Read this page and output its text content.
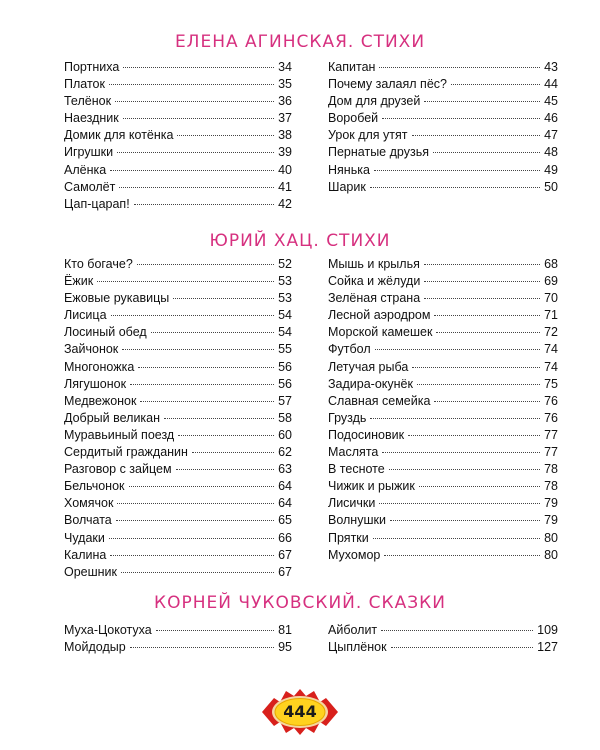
ЕЛЕНА АГИНСКАЯ. СТИХИ
Портниха	34
Платок	35
Телёнок	36
Наездник	37
Домик для котёнка	38
Игрушки	39
Алёнка	40
Самолёт	41
Цап-царап!	42
Капитан	43
Почему залаял пёс?	44
Дом для друзей	45
Воробей	46
Урок для утят	47
Пернатые друзья	48
Нянька	49
Шарик	50
ЮРИЙ ХАЦ. СТИХИ
Кто богаче?	52
Ёжик	53
Ежовые рукавицы	53
Лисица	54
Лосиный обед	54
Зайчонок	55
Многоножка	56
Лягушонок	56
Медвежонок	57
Добрый великан	58
Муравьиный поезд	60
Сердитый гражданин	62
Разговор с зайцем	63
Бельчонок	64
Хомячок	64
Волчата	65
Чудаки	66
Калина	67
Орешник	67
Мышь и крылья	68
Сойка и жёлуди	69
Зелёная страна	70
Лесной аэродром	71
Морской камешек	72
Футбол	74
Летучая рыба	74
Задира-окунёк	75
Славная семейка	76
Груздь	76
Подосиновик	77
Маслята	77
В тесноте	78
Чижик и рыжик	78
Лисички	79
Волнушки	79
Прятки	80
Мухомор	80
КОРНЕЙ ЧУКОВСКИЙ. СКАЗКИ
Муха-Цокотуха	81
Мойдодыр	95
Айболит	109
Цыплёнок	127
444
